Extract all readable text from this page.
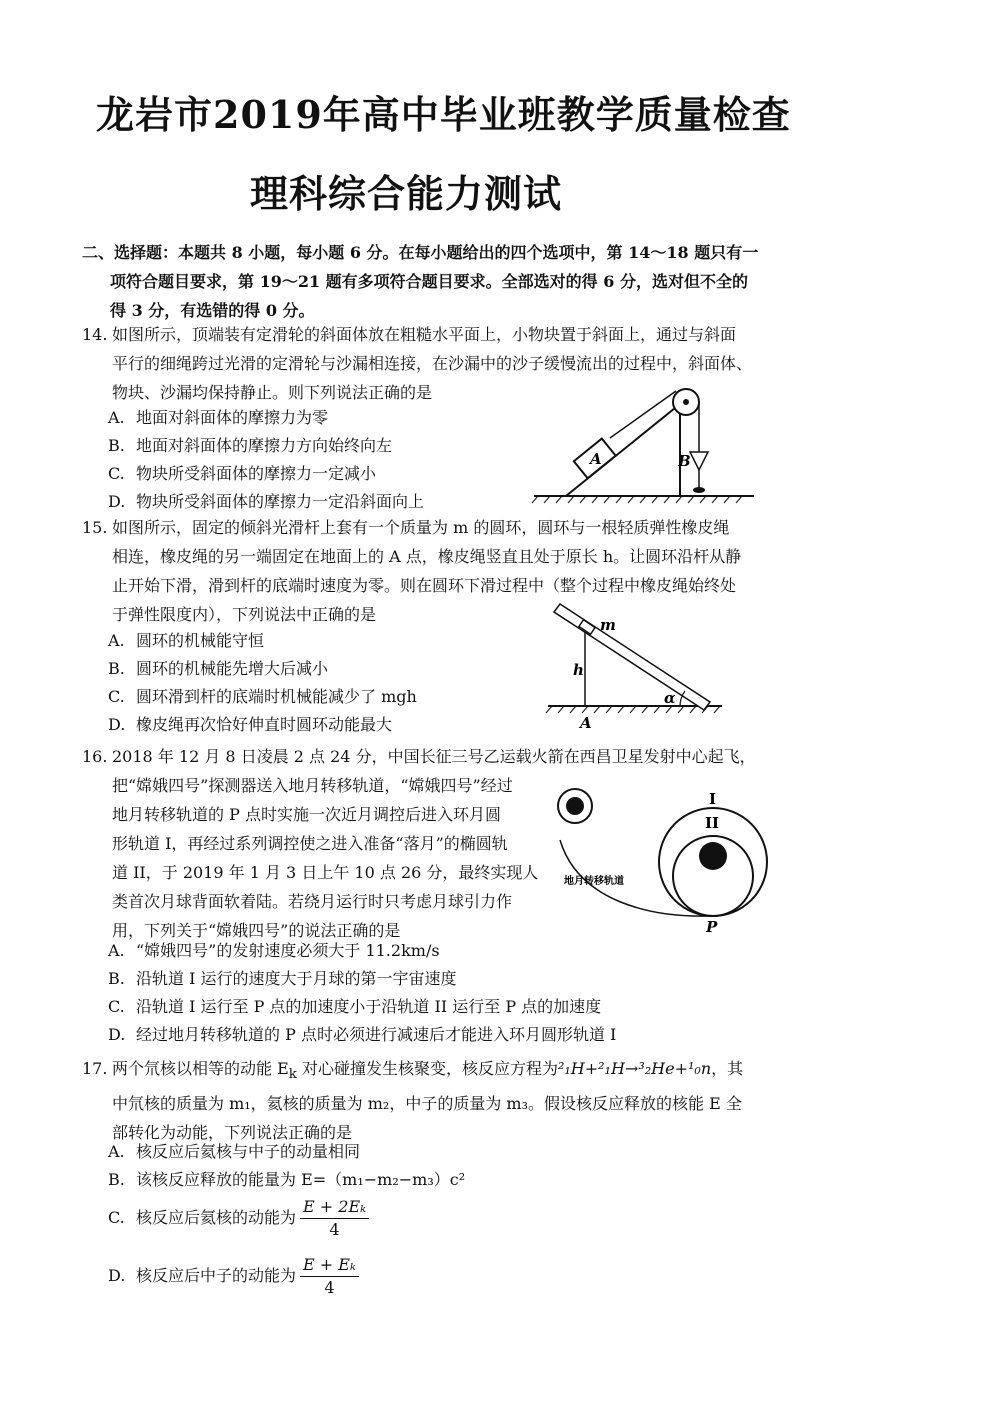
龙岩市2019年高中毕业班教学质量检查
理科综合能力测试
二、选择题：本题共 8 小题，每小题 6 分。在每小题给出的四个选项中，第 14～18 题只有一
项符合题目要求，第 19～21 题有多项符合题目要求。全部选对的得 6 分，选对但不全的
得 3 分，有选错的得 0 分。
14. 如图所示，顶端装有定滑轮的斜面体放在粗糙水平面上，小物块置于斜面上，通过与斜面
平行的细绳跨过光滑的定滑轮与沙漏相连接，在沙漏中的沙子缓慢流出的过程中，斜面体、
物块、沙漏均保持静止。则下列说法正确的是
A. 地面对斜面体的摩擦力为零
B. 地面对斜面体的摩擦力方向始终向左
C. 物块所受斜面体的摩擦力一定减小
D. 物块所受斜面体的摩擦力一定沿斜面向上
A	B
15. 如图所示，固定的倾斜光滑杆上套有一个质量为 m 的圆环，圆环与一根轻质弹性橡皮绳
相连，橡皮绳的另一端固定在地面上的 A 点，橡皮绳竖直且处于原长 h。让圆环沿杆从静
止开始下滑，滑到杆的底端时速度为零。则在圆环下滑过程中（整个过程中橡皮绳始终处
于弹性限度内），下列说法中正确的是
A. 圆环的机械能守恒
B. 圆环的机械能先增大后减小
C. 圆环滑到杆的底端时机械能减少了 mgh
D. 橡皮绳再次恰好伸直时圆环动能最大
m
h
A
α
16. 2018 年 12 月 8 日凌晨 2 点 24 分，中国长征三号乙运载火箭在西昌卫星发射中心起飞，
把“嫦娥四号”探测器送入地月转移轨道，“嫦娥四号”经过
地月转移轨道的 P 点时实施一次近月调控后进入环月圆
形轨道 I，再经过系列调控使之进入准备“落月”的椭圆轨
道 II，于 2019 年 1 月 3 日上午 10 点 26 分，最终实现人
类首次月球背面软着陆。若绕月运行时只考虑月球引力作
用，下列关于“嫦娥四号”的说法正确的是
A. “嫦娥四号”的发射速度必须大于 11.2km/s
B. 沿轨道 I 运行的速度大于月球的第一宇宙速度
C. 沿轨道 I 运行至 P 点的加速度小于沿轨道 II 运行至 P 点的加速度
D. 经过地月转移轨道的 P 点时必须进行减速后才能进入环月圆形轨道 I
地月转移轨道
I
II
P
17. 两个氘核以相等的动能 $E_k$ 对心碰撞发生核聚变，核反应方程为²₁H+²₁H→³₂He+¹₀n，其
中氘核的质量为 m₁，氦核的质量为 m₂，中子的质量为 m₃。假设核反应释放的核能 E 全
部转化为动能，下列说法正确的是
A. 核反应后氦核与中子的动量相同
B. 该核反应释放的能量为 E=（m₁−m₂−m₃）c²
C. 核反应后氦核的动能为 $\frac{\text{E + 2Eₖ}}{4}$
D. 核反应后中子的动能为 $\frac{\text{E + Eₖ}}{4}$
